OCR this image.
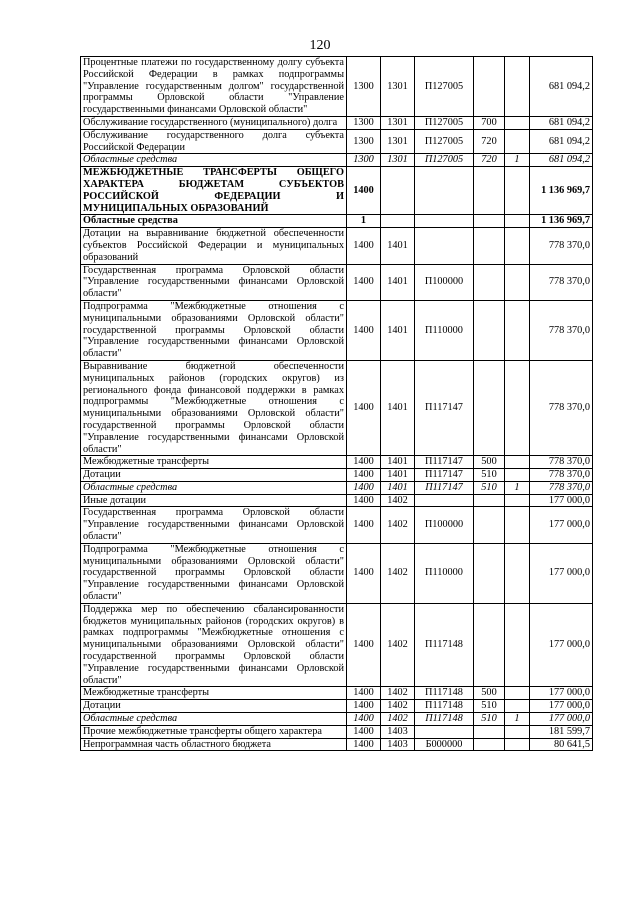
120
Процентные платежи по государственному долгу субъекта Российской Федерации в рамках подпрограммы "Управление государственным долгом" государственной программы Орловской области "Управление государственными финансами Орловской области"	1300	1301	П127005			681 094,2
Обслуживание государственного (муниципального) долга	1300	1301	П127005	700		681 094,2
Обслуживание государственного долга субъекта Российской Федерации	1300	1301	П127005	720		681 094,2
Областные средства	1300	1301	П127005	720	1	681 094,2
МЕЖБЮДЖЕТНЫЕ ТРАНСФЕРТЫ ОБЩЕГО ХАРАКТЕРА БЮДЖЕТАМ СУБЪЕКТОВ РОССИЙСКОЙ ФЕДЕРАЦИИ И МУНИЦИПАЛЬНЫХ ОБРАЗОВАНИЙ	1400					1 136 969,7
Областные средства	1					1 136 969,7
Дотации на выравнивание бюджетной обеспеченности субъектов Российской Федерации и муниципальных образований	1400	1401				778 370,0
Государственная программа Орловской области "Управление государственными финансами Орловской области"	1400	1401	П100000			778 370,0
Подпрограмма "Межбюджетные отношения с муниципальными образованиями Орловской области" государственной программы Орловской области "Управление государственными финансами Орловской области"	1400	1401	П110000			778 370,0
Выравнивание бюджетной обеспеченности муниципальных районов (городских округов) из регионального фонда финансовой поддержки в рамках подпрограммы "Межбюджетные отношения с муниципальными образованиями Орловской области" государственной программы Орловской области "Управление государственными финансами Орловской области"	1400	1401	П117147			778 370,0
Межбюджетные трансферты	1400	1401	П117147	500		778 370,0
Дотации	1400	1401	П117147	510		778 370,0
Областные средства	1400	1401	П117147	510	1	778 370,0
Иные дотации	1400	1402				177 000,0
Государственная программа Орловской области "Управление государственными финансами Орловской области"	1400	1402	П100000			177 000,0
Подпрограмма "Межбюджетные отношения с муниципальными образованиями Орловской области" государственной программы Орловской области "Управление государственными финансами Орловской области"	1400	1402	П110000			177 000,0
Поддержка мер по обеспечению сбалансированности бюджетов муниципальных районов (городских округов) в рамках подпрограммы "Межбюджетные отношения с муниципальными образованиями Орловской области" государственной программы Орловской области "Управление государственными финансами Орловской области"	1400	1402	П117148			177 000,0
Межбюджетные трансферты	1400	1402	П117148	500		177 000,0
Дотации	1400	1402	П117148	510		177 000,0
Областные средства	1400	1402	П117148	510	1	177 000,0
Прочие межбюджетные трансферты общего характера	1400	1403				181 599,7
Непрограммная часть областного бюджета	1400	1403	Б000000			80 641,5
